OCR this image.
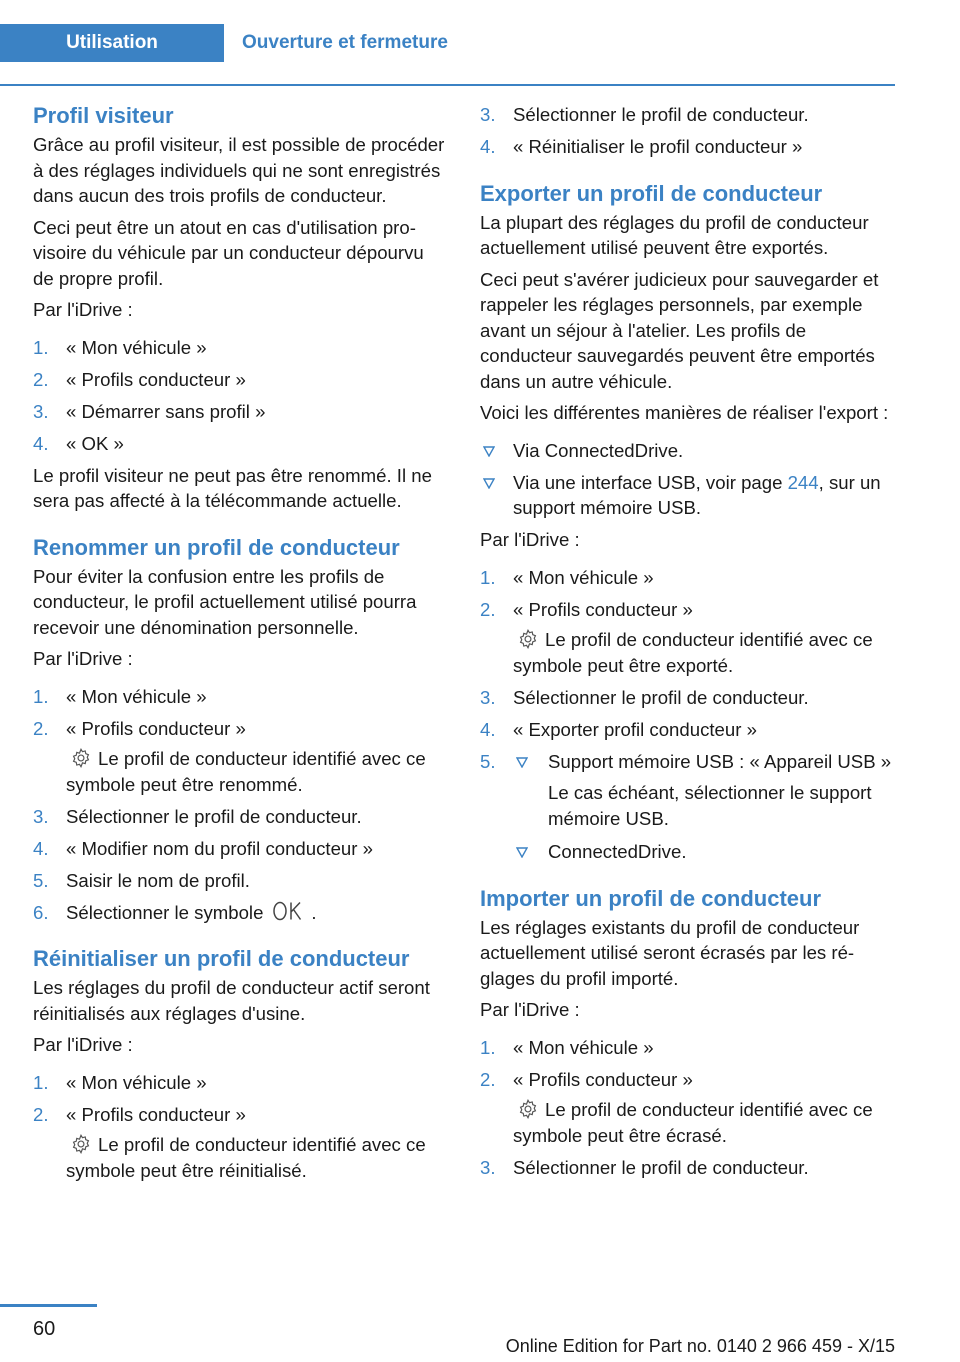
Utilisation	Ouverture et fermeture
Profil visiteur

Grâce au profil visiteur, il est possible de procéder à des réglages individuels qui ne sont enregistrés dans aucun des trois profils de conducteur.

Ceci peut être un atout en cas d'utilisation provisoire du véhicule par un conducteur dépourvu de propre profil.

Par l'iDrive :

1. « Mon véhicule »
2. « Profils conducteur »
3. « Démarrer sans profil »
4. « OK »

Le profil visiteur ne peut pas être renommé. Il ne sera pas affecté à la télécommande actuelle.

Renommer un profil de conducteur

Pour éviter la confusion entre les profils de conducteur, le profil actuellement utilisé pourra recevoir une dénomination personnelle.

Par l'iDrive :

1. « Mon véhicule »
2. « Profils conducteur »
Le profil de conducteur identifié avec ce symbole peut être renommé.
3. Sélectionner le profil de conducteur.
4. « Modifier nom du profil conducteur »
5. Saisir le nom de profil.
6. Sélectionner le symbole	.
Réinitialiser un profil de conducteur

Les réglages du profil de conducteur actif seront réinitialisés aux réglages d'usine.

Par l'iDrive :

1. « Mon véhicule »
2. « Profils conducteur »
Le profil de conducteur identifié avec ce symbole peut être réinitialisé.
3. Sélectionner le profil de conducteur.
4. « Réinitialiser le profil conducteur »
Exporter un profil de conducteur

La plupart des réglages du profil de conducteur actuellement utilisé peuvent être exportés.

Ceci peut s'avérer judicieux pour sauvegarder et rappeler les réglages personnels, par exemple avant un séjour à l'atelier. Les profils de conducteur sauvegardés peuvent être emportés dans un autre véhicule.

Voici les différentes manières de réaliser l'export :

Via ConnectedDrive.
Via une interface USB, voir page 244, sur un support mémoire USB.

Par l'iDrive :

1. « Mon véhicule »
2. « Profils conducteur »
Le profil de conducteur identifié avec ce symbole peut être exporté.
3. Sélectionner le profil de conducteur.
4. « Exporter profil conducteur »
5.	Support mémoire USB : « Appareil USB »
Le cas échéant, sélectionner le support mémoire USB.
ConnectedDrive.
Importer un profil de conducteur

Les réglages existants du profil de conducteur actuellement utilisé seront écrasés par les réglages du profil importé.

Par l'iDrive :

1. « Mon véhicule »
2. « Profils conducteur »
Le profil de conducteur identifié avec ce symbole peut être écrasé.
3. Sélectionner le profil de conducteur.
60
Online Edition for Part no. 0140 2 966 459 - X/15
